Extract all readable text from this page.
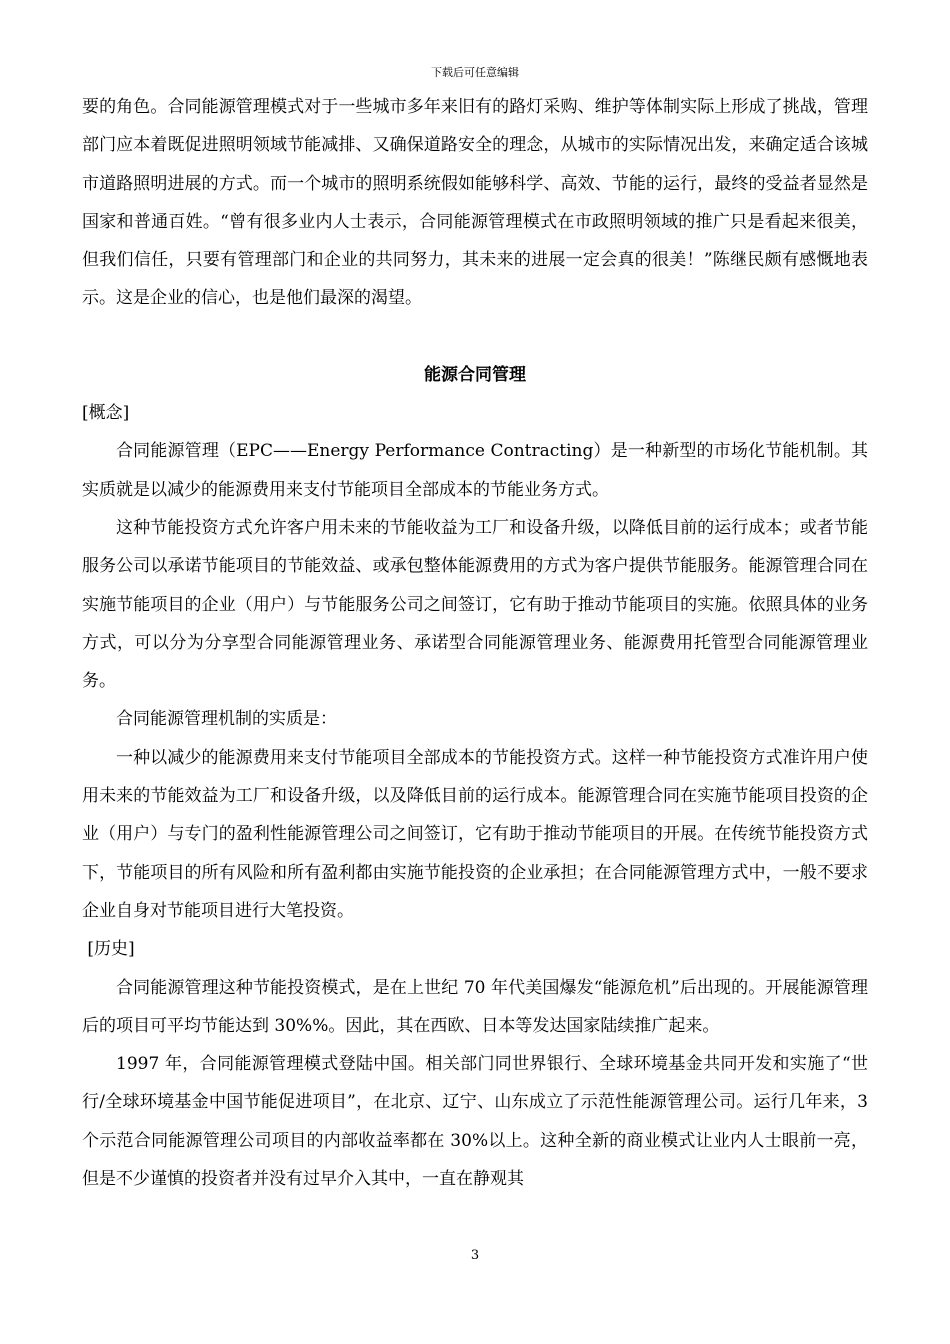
下载后可任意编辑

要的角色。合同能源管理模式对于一些城市多年来旧有的路灯采购、维护等体制实际上形成了挑战，管理部门应本着既促进照明领域节能减排、又确保道路安全的理念，从城市的实际情况出发，来确定适合该城市道路照明进展的方式。而一个城市的照明系统假如能够科学、高效、节能的运行，最终的受益者显然是国家和普通百姓。“曾有很多业内人士表示，合同能源管理模式在市政照明领域的推广只是看起来很美，但我们信任，只要有管理部门和企业的共同努力，其未来的进展一定会真的很美！”陈继民颇有感慨地表示。这是企业的信心，也是他们最深的渴望。

能源合同管理

[概念]

合同能源管理（EPC——Energy Performance Contracting）是一种新型的市场化节能机制。其实质就是以减少的能源费用来支付节能项目全部成本的节能业务方式。

这种节能投资方式允许客户用未来的节能收益为工厂和设备升级，以降低目前的运行成本；或者节能服务公司以承诺节能项目的节能效益、或承包整体能源费用的方式为客户提供节能服务。能源管理合同在实施节能项目的企业（用户）与节能服务公司之间签订，它有助于推动节能项目的实施。依照具体的业务方式，可以分为分享型合同能源管理业务、承诺型合同能源管理业务、能源费用托管型合同能源管理业务。

合同能源管理机制的实质是：

一种以减少的能源费用来支付节能项目全部成本的节能投资方式。这样一种节能投资方式准许用户使用未来的节能效益为工厂和设备升级，以及降低目前的运行成本。能源管理合同在实施节能项目投资的企业（用户）与专门的盈利性能源管理公司之间签订，它有助于推动节能项目的开展。在传统节能投资方式下，节能项目的所有风险和所有盈利都由实施节能投资的企业承担；在合同能源管理方式中，一般不要求企业自身对节能项目进行大笔投资。

[历史]

合同能源管理这种节能投资模式，是在上世纪 70 年代美国爆发“能源危机”后出现的。开展能源管理后的项目可平均节能达到 30%%。因此，其在西欧、日本等发达国家陆续推广起来。

1997 年，合同能源管理模式登陆中国。相关部门同世界银行、全球环境基金共同开发和实施了“世行/全球环境基金中国节能促进项目”，在北京、辽宁、山东成立了示范性能源管理公司。运行几年来，3 个示范合同能源管理公司项目的内部收益率都在 30%以上。这种全新的商业模式让业内人士眼前一亮，但是不少谨慎的投资者并没有过早介入其中，一直在静观其

3
